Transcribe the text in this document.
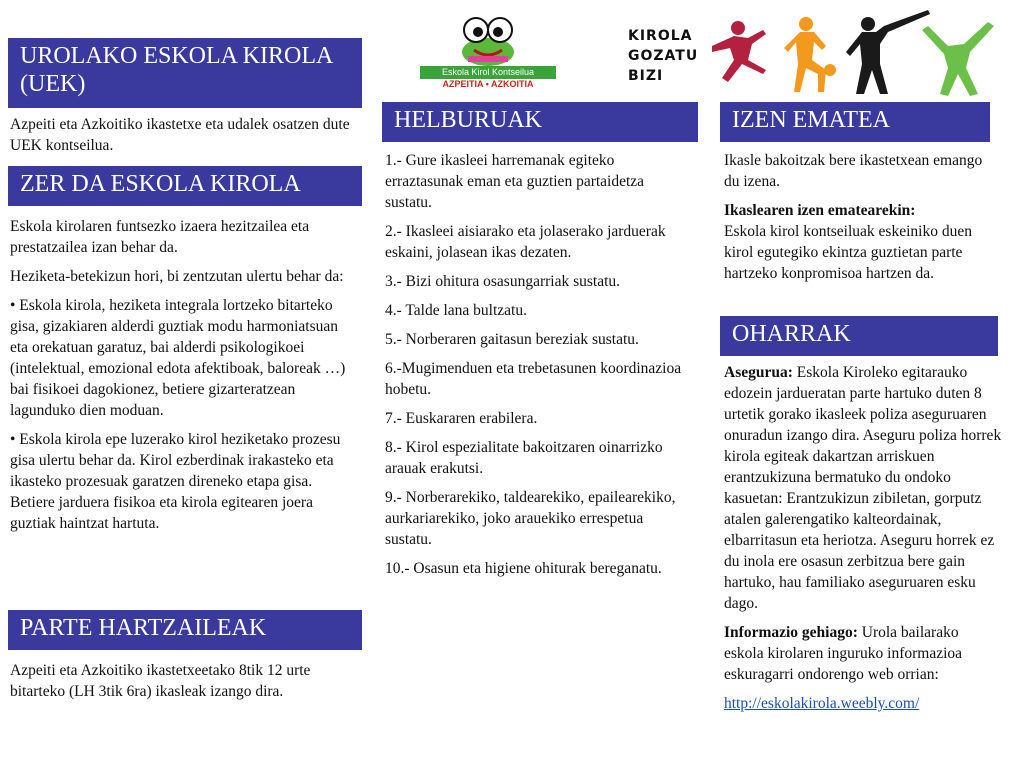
UROLAKO ESKOLA KIROLA (UEK)

Azpeiti eta Azkoitiko ikastetxe eta udalek osatzen dute UEK kontseilua.

ZER DA ESKOLA KIROLA

Eskola kirolaren funtsezko izaera hezitzailea eta prestatzailea izan behar da.

Heziketa-betekizun hori, bi zentzutan ulertu behar da:

• Eskola kirola, heziketa integrala lortzeko bitarteko gisa, gizakiaren alderdi guztiak modu harmoniatsuan eta orekatuan garatuz, bai alderdi psikologikoei (intelektual, emozional edota afektiboak, baloreak …) bai fisikoei dagokionez, betiere gizarteratzean lagunduko dien moduan.

• Eskola kirola epe luzerako kirol heziketako prozesu gisa ulertu behar da. Kirol ezberdinak irakasteko eta ikasteko prozesuak garatzen direneko etapa gisa. Betiere jarduera fisikoa eta kirola egitearen joera guztiak haintzat hartuta.

PARTE HARTZAILEAK

Azpeiti eta Azkoitiko ikastetxeetako 8tik 12 urte bitarteko (LH 3tik 6ra) ikasleak izango dira.

Eskola Kirol Kontseilua
AZPEITIA • AZKOITIA
KIROLA
GOZATU
BIZI
HELBURUAK

1.- Gure ikasleei harremanak egiteko erraztasunak eman eta guztien partaidetza sustatu.

2.- Ikasleei aisiarako eta jolaserako jarduerak eskaini, jolasean ikas dezaten.

3.- Bizi ohitura osasungarriak sustatu.

4.- Talde lana bultzatu.

5.- Norberaren gaitasun bereziak sustatu.

6.-Mugimenduen eta trebetasunen koordinazioa hobetu.

7.- Euskararen erabilera.

8.- Kirol espezialitate bakoitzaren oinarrizko arauak erakutsi.

9.- Norberarekiko, taldearekiko, epailearekiko, aurkariarekiko, joko arauekiko errespetua sustatu.

10.- Osasun eta higiene ohiturak bereganatu.

IZEN EMATEA

Ikasle bakoitzak bere ikastetxean emango du izena.

Ikaslearen izen ematearekin:
Eskola kirol kontseiluak eskeiniko duen kirol egutegiko ekintza guztietan parte hartzeko konpromisoa hartzen da.

OHARRAK

Asegurua: Eskola Kiroleko egitarauko edozein jardueratan parte hartuko duten 8 urtetik gorako ikasleek poliza aseguruaren onuradun izango dira. Aseguru poliza horrek kirola egiteak dakartzan arriskuen erantzukizuna bermatuko du ondoko kasuetan: Erantzukizun zibiletan, gorputz atalen galerengatiko kalteordainak, elbarritasun eta heriotza. Aseguru horrek ez du inola ere osasun zerbitzua bere gain hartuko, hau familiako aseguruaren esku dago.

Informazio gehiago: Urola bailarako eskola kirolaren inguruko informazioa eskuragarri ondorengo web orrian:

http://eskolakirola.weebly.com/
